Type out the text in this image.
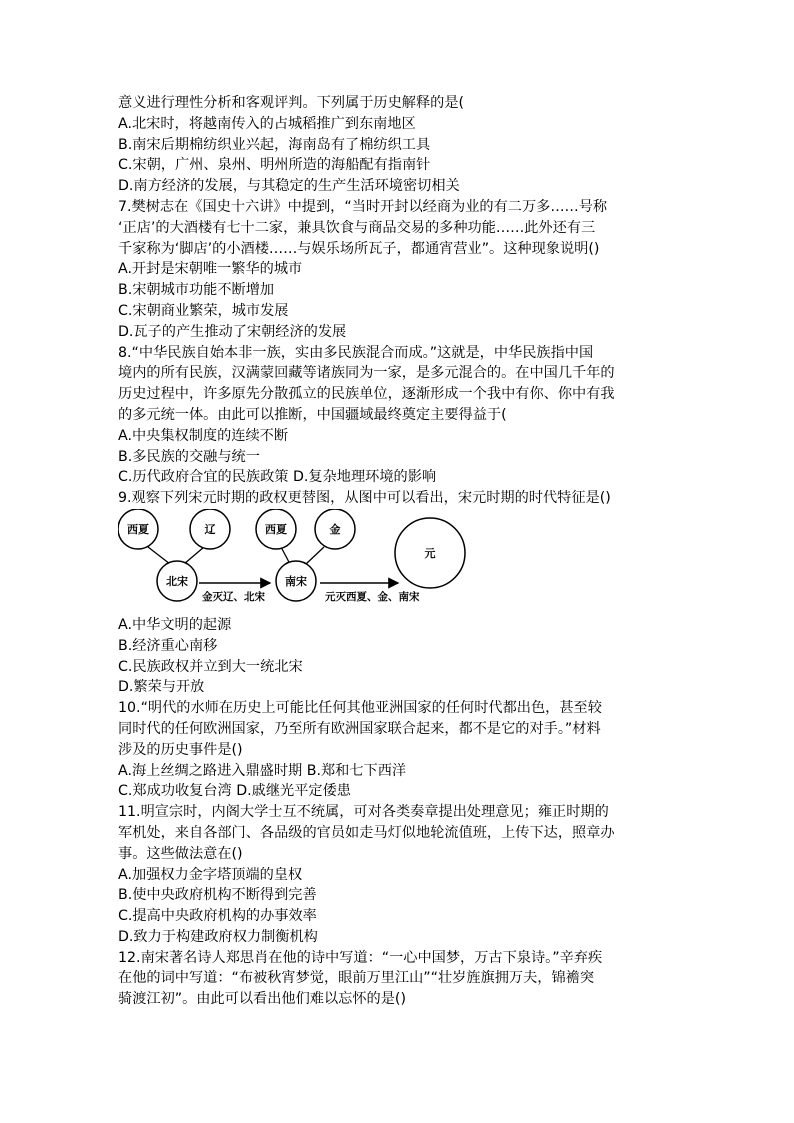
意义进行理性分析和客观评判。下列属于历史解释的是(
A.北宋时，将越南传入的占城稻推广到东南地区
B.南宋后期棉纺织业兴起，海南岛有了棉纺织工具
C.宋朝，广州、泉州、明州所造的海船配有指南针
D.南方经济的发展，与其稳定的生产生活环境密切相关
7.樊树志在《国史十六讲》中提到，“当时开封以经商为业的有二万多……号称
‘正店’的大酒楼有七十二家，兼具饮食与商品交易的多种功能……此外还有三
千家称为‘脚店’的小酒楼……与娱乐场所瓦子，都通宵营业”。这种现象说明()
A.开封是宋朝唯一繁华的城市
B.宋朝城市功能不断增加
C.宋朝商业繁荣，城市发展
D.瓦子的产生推动了宋朝经济的发展
8.“中华民族自始本非一族，实由多民族混合而成。”这就是，中华民族指中国
境内的所有民族，汉满蒙回藏等诸族同为一家，是多元混合的。在中国几千年的
历史过程中，许多原先分散孤立的民族单位，逐渐形成一个我中有你、你中有我
的多元统一体。由此可以推断，中国疆域最终奠定主要得益于(
A.中央集权制度的连续不断
B.多民族的交融与统一
C.历代政府合宜的民族政策 D.复杂地理环境的影响
9.观察下列宋元时期的政权更替图，从图中可以看出，宋元时期的时代特征是()
西夏	辽
北宋
西夏	金
南宋
元
金灭辽、北宋	元灭西夏、金、南宋
A.中华文明的起源
B.经济重心南移
C.民族政权并立到大一统北宋
D.繁荣与开放
10.“明代的水师在历史上可能比任何其他亚洲国家的任何时代都出色，甚至较
同时代的任何欧洲国家，乃至所有欧洲国家联合起来，都不是它的对手。”材料
涉及的历史事件是()
A.海上丝绸之路进入鼎盛时期 B.郑和七下西洋
C.郑成功收复台湾 D.戚继光平定倭患
11.明宣宗时，内阁大学士互不统属，可对各类奏章提出处理意见；雍正时期的
军机处，来自各部门、各品级的官员如走马灯似地轮流值班，上传下达，照章办
事。这些做法意在()
A.加强权力金字塔顶端的皇权
B.使中央政府机构不断得到完善
C.提高中央政府机构的办事效率
D.致力于构建政府权力制衡机构
12.南宋著名诗人郑思肖在他的诗中写道：“一心中国梦，万古下泉诗。”辛弃疾
在他的词中写道：“布被秋宵梦觉，眼前万里江山”“壮岁旌旗拥万夫，锦襜突
骑渡江初”。由此可以看出他们难以忘怀的是()
